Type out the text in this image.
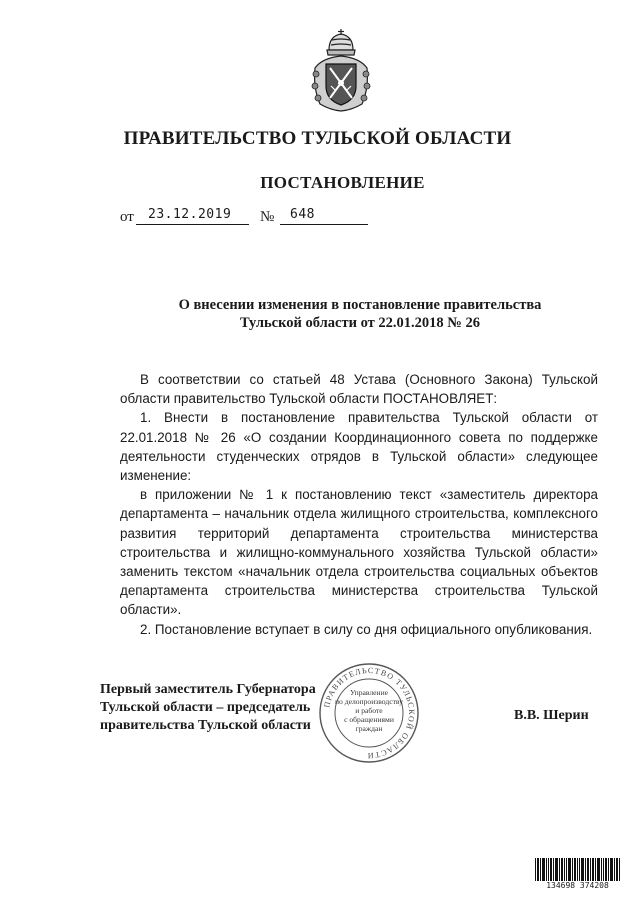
ПРАВИТЕЛЬСТВО ТУЛЬСКОЙ ОБЛАСТИ
ПОСТАНОВЛЕНИЕ
от 23.12.2019 № 648
О внесении изменения в постановление правительства
Тульской области от 22.01.2018 № 26

В соответствии со статьей 48 Устава (Основного Закона) Тульской области правительство Тульской области ПОСТАНОВЛЯЕТ:

1. Внести в постановление правительства Тульской области от 22.01.2018 № 26 «О создании Координационного совета по поддержке деятельности студенческих отрядов в Тульской области» следующее изменение:

в приложении № 1 к постановлению текст «заместитель директора департамента – начальник отдела жилищного строительства, комплексного развития территорий департамента строительства министерства строительства и жилищно-коммунального хозяйства Тульской области» заменить текстом «начальник отдела строительства социальных объектов департамента строительства министерства строительства Тульской области».

2. Постановление вступает в силу со дня официального опубликования.

Первый заместитель Губернатора
Тульской области – председатель
правительства Тульской области
ПРАВИТЕЛЬСТВО ТУЛЬСКОЙ ОБЛАСТИ
Управление
по делопроизводству
и работе
с обращениями
граждан
В.В. Шерин
134698 374208
